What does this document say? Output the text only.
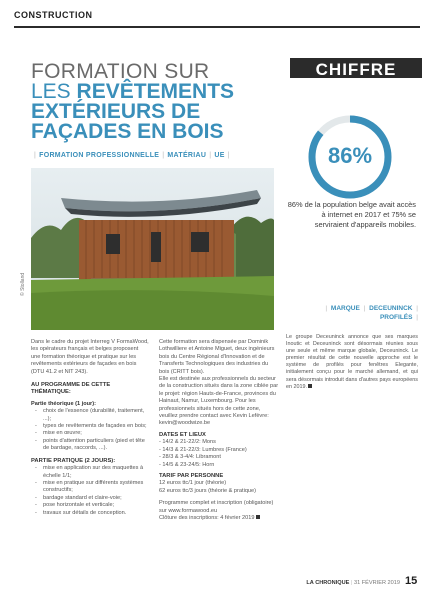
CONSTRUCTION
FORMATION SUR
LES REVÊTEMENTS
EXTÉRIEURS DE
FAÇADES EN BOIS
| FORMATION PROFESSIONNELLE | MATÉRIAU | UE |
© Stolland

Dans le cadre du projet Interreg V FormaWood, les opérateurs français et belges proposent une formation théorique et pratique sur les revêtements extérieurs de façades en bois (DTU 41.2 et NIT 243).

AU PROGRAMME DE CETTE
THÉMATIQUE:
Partie théorique (1 jour):
- choix de l'essence (durabilité, traitement, ...);
- types de revêtements de façades en bois;
- mise en œuvre;
- points d'attention particuliers (pied et tête de bardage, raccords, ...).
PARTIE PRATIQUE (2 JOURS):
- mise en application sur des maquettes à échelle 1/1;
- mise en pratique sur différents systèmes constructifs;
- bardage standard et claire-voie;
- pose horizontale et verticale;
- travaux sur détails de conception.
Cette formation sera dispensée par Dominik Lothwilliere et Antoine Miguet, deux ingénieurs bois du Centre Régional d'Innovation et de Transferts Technologiques des industries du bois (CRITT bois).

Elle est destinée aux professionnels du secteur de la construction situés dans la zone ciblée par le projet: région Hauts-de-France, provinces du Hainaut, Namur, Luxembourg. Pour les professionnels situés hors de cette zone, veuillez prendre contact avec Kevin Lefèvre: kevin@woodwize.be

DATES ET LIEUX
- 14/2 & 21-22/2: Mons
- 14/3 & 21-22/3: Lumbres (France)
- 28/3 & 3-4/4: Libramont
- 14/5 & 23-24/5: Horn
TARIF PAR PERSONNE
12 euros ttc/1 jour (théorie)
62 euros ttc/3 jours (théorie & pratique)
Programme complet et inscription (obligatoire) sur www.formawood.eu
Clôture des inscriptions: 4 février 2019
CHIFFRE
86%
86% de la population belge avait accès à internet en 2017 et 75% se serviraient d'appareils mobiles.
| MARQUE | DECEUNINCK |
PROFILÉS |
Le groupe Deceuninck annonce que ses marques Inoutic et Deceuninck sont désormais réunies sous une seule et même marque globale, Deceuninck. Le premier résultat de cette nouvelle approche est le système de profilés pour fenêtres Elegante, initialement conçu pour le marché allemand, et qui sera désormais introduit dans d'autres pays européens en 2019.
LA CHRONIQUE | 31 FÉVRIER 2019 15
